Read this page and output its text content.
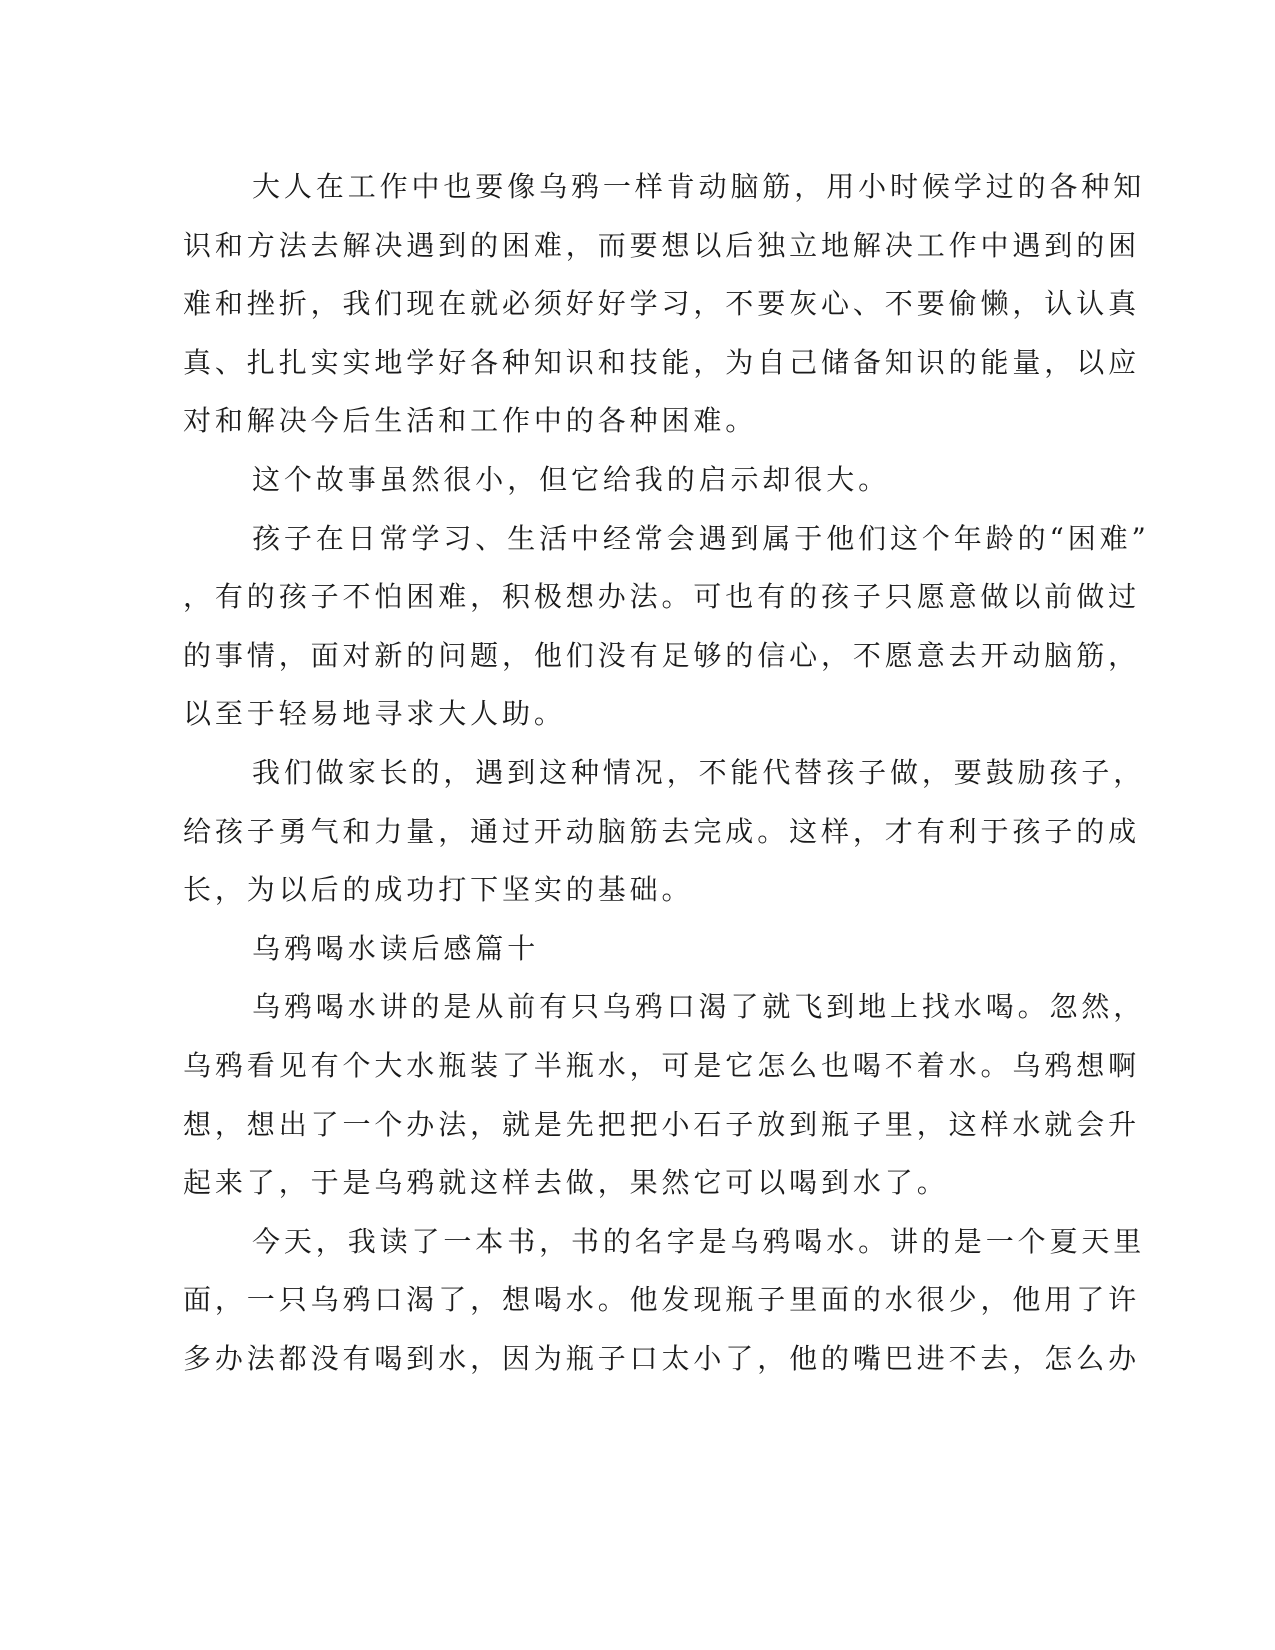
大人在工作中也要像乌鸦一样肯动脑筋，用小时候学过的各种知
识和方法去解决遇到的困难，而要想以后独立地解决工作中遇到的困
难和挫折，我们现在就必须好好学习，不要灰心、不要偷懒，认认真
真、扎扎实实地学好各种知识和技能，为自己储备知识的能量，以应
对和解决今后生活和工作中的各种困难。
这个故事虽然很小，但它给我的启示却很大。
孩子在日常学习、生活中经常会遇到属于他们这个年龄的“困难”
，有的孩子不怕困难，积极想办法。可也有的孩子只愿意做以前做过
的事情，面对新的问题，他们没有足够的信心，不愿意去开动脑筋，
以至于轻易地寻求大人助。
我们做家长的，遇到这种情况，不能代替孩子做，要鼓励孩子，
给孩子勇气和力量，通过开动脑筋去完成。这样，才有利于孩子的成
长，为以后的成功打下坚实的基础。
乌鸦喝水读后感篇十
乌鸦喝水讲的是从前有只乌鸦口渴了就飞到地上找水喝。忽然，
乌鸦看见有个大水瓶装了半瓶水，可是它怎么也喝不着水。乌鸦想啊
想，想出了一个办法，就是先把把小石子放到瓶子里，这样水就会升
起来了，于是乌鸦就这样去做，果然它可以喝到水了。
今天，我读了一本书，书的名字是乌鸦喝水。讲的是一个夏天里
面，一只乌鸦口渴了，想喝水。他发现瓶子里面的水很少，他用了许
多办法都没有喝到水，因为瓶子口太小了，他的嘴巴进不去，怎么办
